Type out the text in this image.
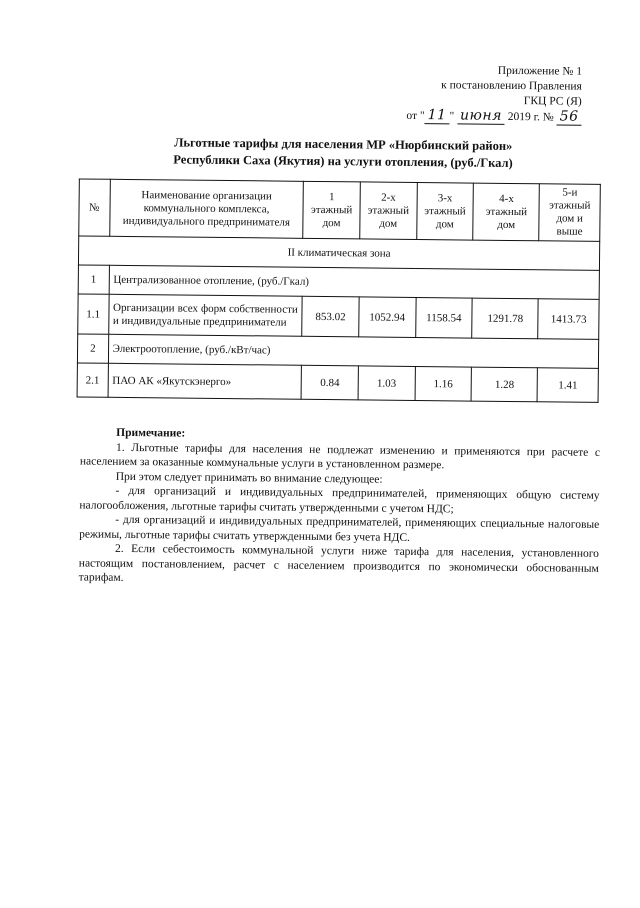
Приложение № 1
к постановлению Правления
ГКЦ РС (Я)
от " 11 " июня 2019 г. № 56
Льготные тарифы для населения МР «Нюрбинский район»
Республики Саха (Якутия) на услуги отопления, (руб./Гкал)
№	Наименование организации коммунального комплекса, индивидуального предпринимателя	1 этажный дом	2-х этажный дом	3-х этажный дом	4-х этажный дом	5-и этажный дом и выше
II климатическая зона						
1	Централизованное отопление, (руб./Гкал)					
1.1	Организации всех форм собственности и индивидуальные предприниматели	853.02	1052.94	1158.54	1291.78	1413.73
2	Электроотопление, (руб./кВт/час)					
2.1	ПАО АК «Якутскэнерго»	0.84	1.03	1.16	1.28	1.41

Примечание:

1. Льготные тарифы для населения не подлежат изменению и применяются при расчете с населением за оказанные коммунальные услуги в установленном размере.

При этом следует принимать во внимание следующее:

- для организаций и индивидуальных предпринимателей, применяющих общую систему налогообложения, льготные тарифы считать утвержденными с учетом НДС;

- для организаций и индивидуальных предпринимателей, применяющих специальные налоговые режимы, льготные тарифы считать утвержденными без учета НДС.

2. Если себестоимость коммунальной услуги ниже тарифа для населения, установленного настоящим постановлением, расчет с населением производится по экономически обоснованным тарифам.
